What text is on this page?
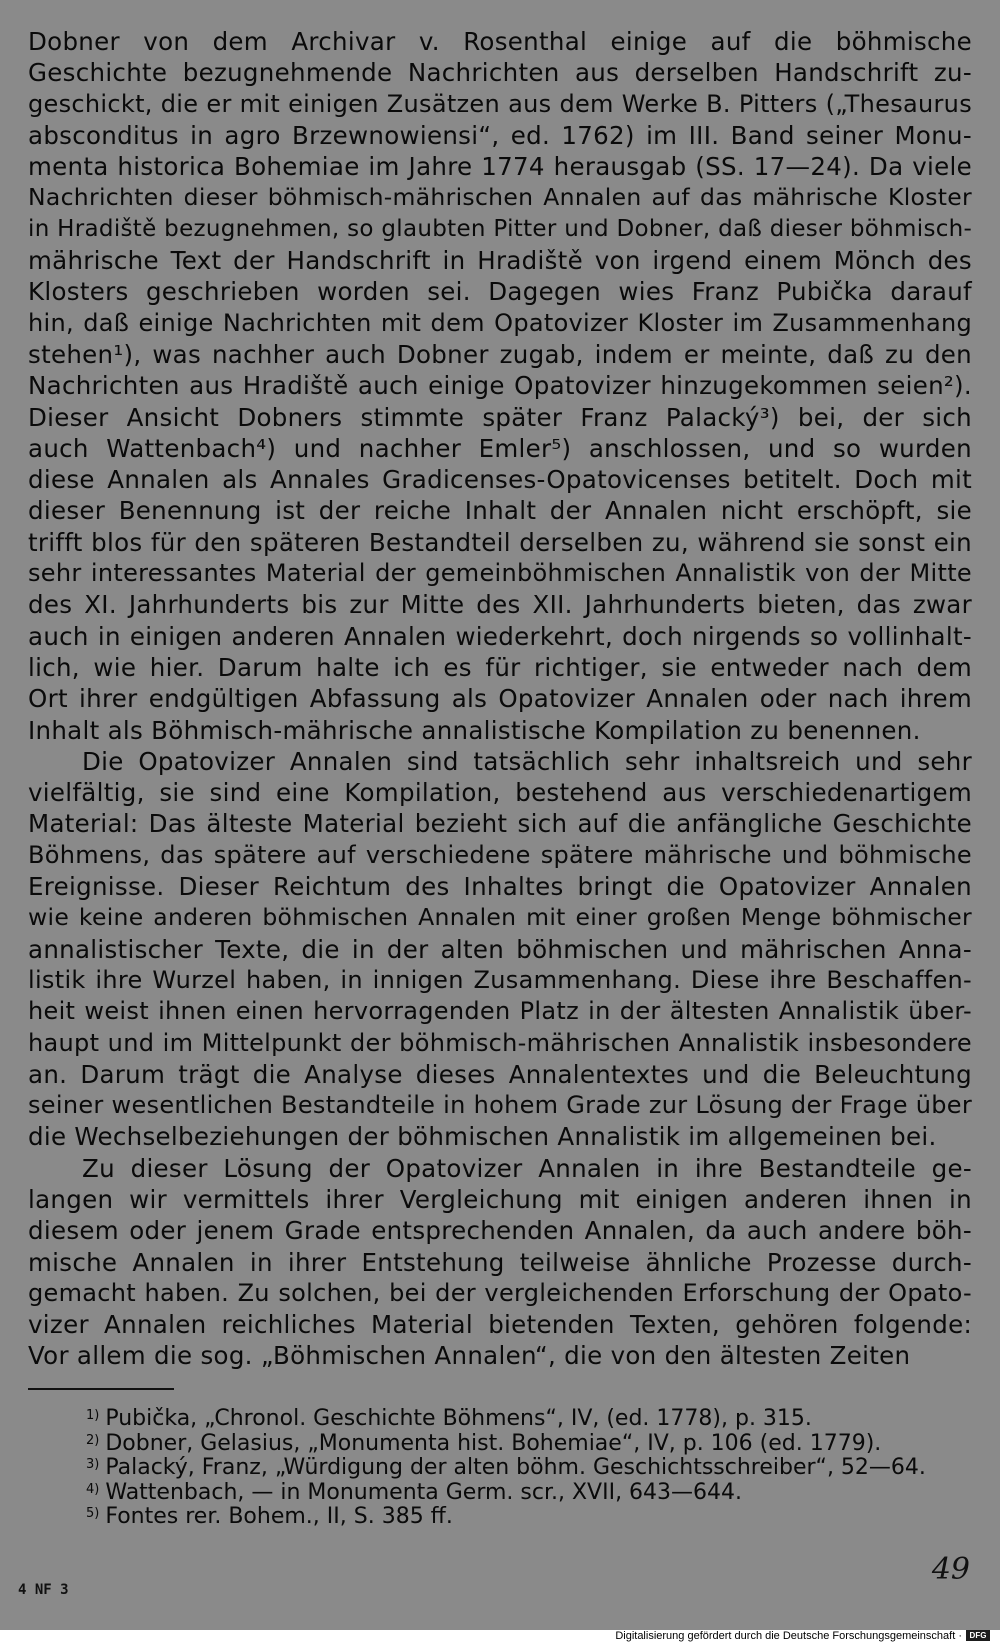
Dobner von dem Archivar v. Rosenthal einige auf die böhmische
Geschichte bezugnehmende Nachrichten aus derselben Handschrift zu-
geschickt, die er mit einigen Zusätzen aus dem Werke B. Pitters („Thesaurus
absconditus in agro Brzewnowiensi“, ed. 1762) im III. Band seiner Monu-
menta historica Bohemiae im Jahre 1774 herausgab (SS. 17—24). Da viele
Nachrichten dieser böhmisch-mährischen Annalen auf das mährische Kloster
in Hradiště bezugnehmen, so glaubten Pitter und Dobner, daß dieser böhmisch-
mährische Text der Handschrift in Hradiště von irgend einem Mönch des
Klosters geschrieben worden sei. Dagegen wies Franz Pubička darauf
hin, daß einige Nachrichten mit dem Opatovizer Kloster im Zusammenhang
stehen¹), was nachher auch Dobner zugab, indem er meinte, daß zu den
Nachrichten aus Hradiště auch einige Opatovizer hinzugekommen seien²).
Dieser Ansicht Dobners stimmte später Franz Palacký³) bei, der sich
auch Wattenbach⁴) und nachher Emler⁵) anschlossen, und so wurden
diese Annalen als Annales Gradicenses-Opatovicenses betitelt. Doch mit
dieser Benennung ist der reiche Inhalt der Annalen nicht erschöpft, sie
trifft blos für den späteren Bestandteil derselben zu, während sie sonst ein
sehr interessantes Material der gemeinböhmischen Annalistik von der Mitte
des XI. Jahrhunderts bis zur Mitte des XII. Jahrhunderts bieten, das zwar
auch in einigen anderen Annalen wiederkehrt, doch nirgends so vollinhalt-
lich, wie hier. Darum halte ich es für richtiger, sie entweder nach dem
Ort ihrer endgültigen Abfassung als Opatovizer Annalen oder nach ihrem
Inhalt als Böhmisch-mährische annalistische Kompilation zu benennen.
Die Opatovizer Annalen sind tatsächlich sehr inhaltsreich und sehr
vielfältig, sie sind eine Kompilation, bestehend aus verschiedenartigem
Material: Das älteste Material bezieht sich auf die anfängliche Geschichte
Böhmens, das spätere auf verschiedene spätere mährische und böhmische
Ereignisse. Dieser Reichtum des Inhaltes bringt die Opatovizer Annalen
wie keine anderen böhmischen Annalen mit einer großen Menge böhmischer
annalistischer Texte, die in der alten böhmischen und mährischen Anna-
listik ihre Wurzel haben, in innigen Zusammenhang. Diese ihre Beschaffen-
heit weist ihnen einen hervorragenden Platz in der ältesten Annalistik über-
haupt und im Mittelpunkt der böhmisch-mährischen Annalistik insbesondere
an. Darum trägt die Analyse dieses Annalentextes und die Beleuchtung
seiner wesentlichen Bestandteile in hohem Grade zur Lösung der Frage über
die Wechselbeziehungen der böhmischen Annalistik im allgemeinen bei.
Zu dieser Lösung der Opatovizer Annalen in ihre Bestandteile ge-
langen wir vermittels ihrer Vergleichung mit einigen anderen ihnen in
diesem oder jenem Grade entsprechenden Annalen, da auch andere böh-
mische Annalen in ihrer Entstehung teilweise ähnliche Prozesse durch-
gemacht haben. Zu solchen, bei der vergleichenden Erforschung der Opato-
vizer Annalen reichliches Material bietenden Texten, gehören folgende:
Vor allem die sog. „Böhmischen Annalen“, die von den ältesten Zeiten
$^{1)}$ Pubička, „Chronol. Geschichte Böhmens“, IV, (ed. 1778), p. 315.
$^{2)}$ Dobner, Gelasius, „Monumenta hist. Bohemiae“, IV, p. 106 (ed. 1779).
$^{3)}$ Palacký, Franz, „Würdigung der alten böhm. Geschichtsschreiber“, 52—64.
$^{4)}$ Wattenbach, — in Monumenta Germ. scr., XVII, 643—644.
$^{5)}$ Fontes rer. Bohem., II, S. 385 ff.
4 NF 3
49
Digitalisierung gefördert durch die Deutsche Forschungsgemeinschaft · DFG
